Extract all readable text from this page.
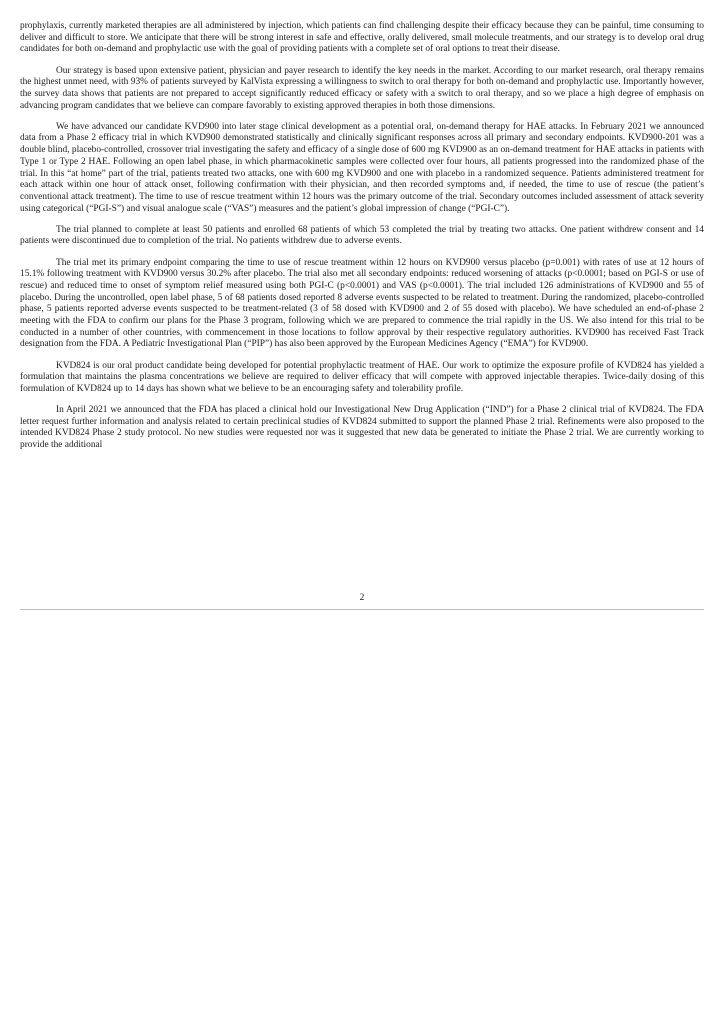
prophylaxis, currently marketed therapies are all administered by injection, which patients can find challenging despite their efficacy because they can be painful, time consuming to deliver and difficult to store. We anticipate that there will be strong interest in safe and effective, orally delivered, small molecule treatments, and our strategy is to develop oral drug candidates for both on-demand and prophylactic use with the goal of providing patients with a complete set of oral options to treat their disease.

Our strategy is based upon extensive patient, physician and payer research to identify the key needs in the market. According to our market research, oral therapy remains the highest unmet need, with 93% of patients surveyed by KalVista expressing a willingness to switch to oral therapy for both on-demand and prophylactic use. Importantly however, the survey data shows that patients are not prepared to accept significantly reduced efficacy or safety with a switch to oral therapy, and so we place a high degree of emphasis on advancing program candidates that we believe can compare favorably to existing approved therapies in both those dimensions.

We have advanced our candidate KVD900 into later stage clinical development as a potential oral, on-demand therapy for HAE attacks. In February 2021 we announced data from a Phase 2 efficacy trial in which KVD900 demonstrated statistically and clinically significant responses across all primary and secondary endpoints. KVD900-201 was a double blind, placebo-controlled, crossover trial investigating the safety and efficacy of a single dose of 600 mg KVD900 as an on-demand treatment for HAE attacks in patients with Type 1 or Type 2 HAE. Following an open label phase, in which pharmacokinetic samples were collected over four hours, all patients progressed into the randomized phase of the trial. In this “at home” part of the trial, patients treated two attacks, one with 600 mg KVD900 and one with placebo in a randomized sequence. Patients administered treatment for each attack within one hour of attack onset, following confirmation with their physician, and then recorded symptoms and, if needed, the time to use of rescue (the patient’s conventional attack treatment). The time to use of rescue treatment within 12 hours was the primary outcome of the trial. Secondary outcomes included assessment of attack severity using categorical (“PGI-S”) and visual analogue scale (“VAS”) measures and the patient’s global impression of change (“PGI-C”).

The trial planned to complete at least 50 patients and enrolled 68 patients of which 53 completed the trial by treating two attacks. One patient withdrew consent and 14 patients were discontinued due to completion of the trial. No patients withdrew due to adverse events.

The trial met its primary endpoint comparing the time to use of rescue treatment within 12 hours on KVD900 versus placebo (p=0.001) with rates of use at 12 hours of 15.1% following treatment with KVD900 versus 30.2% after placebo. The trial also met all secondary endpoints: reduced worsening of attacks (p<0.0001; based on PGI-S or use of rescue) and reduced time to onset of symptom relief measured using both PGI-C (p<0.0001) and VAS (p<0.0001). The trial included 126 administrations of KVD900 and 55 of placebo. During the uncontrolled, open label phase, 5 of 68 patients dosed reported 8 adverse events suspected to be related to treatment. During the randomized, placebo-controlled phase, 5 patients reported adverse events suspected to be treatment-related (3 of 58 dosed with KVD900 and 2 of 55 dosed with placebo). We have scheduled an end-of-phase 2 meeting with the FDA to confirm our plans for the Phase 3 program, following which we are prepared to commence the trial rapidly in the US. We also intend for this trial to be conducted in a number of other countries, with commencement in those locations to follow approval by their respective regulatory authorities. KVD900 has received Fast Track designation from the FDA. A Pediatric Investigational Plan (“PIP”) has also been approved by the European Medicines Agency (“EMA”) for KVD900.

KVD824 is our oral product candidate being developed for potential prophylactic treatment of HAE. Our work to optimize the exposure profile of KVD824 has yielded a formulation that maintains the plasma concentrations we believe are required to deliver efficacy that will compete with approved injectable therapies. Twice-daily dosing of this formulation of KVD824 up to 14 days has shown what we believe to be an encouraging safety and tolerability profile.

In April 2021 we announced that the FDA has placed a clinical hold our Investigational New Drug Application (“IND”) for a Phase 2 clinical trial of KVD824. The FDA letter request further information and analysis related to certain preclinical studies of KVD824 submitted to support the planned Phase 2 trial. Refinements were also proposed to the intended KVD824 Phase 2 study protocol. No new studies were requested nor was it suggested that new data be generated to initiate the Phase 2 trial. We are currently working to provide the additional

2
